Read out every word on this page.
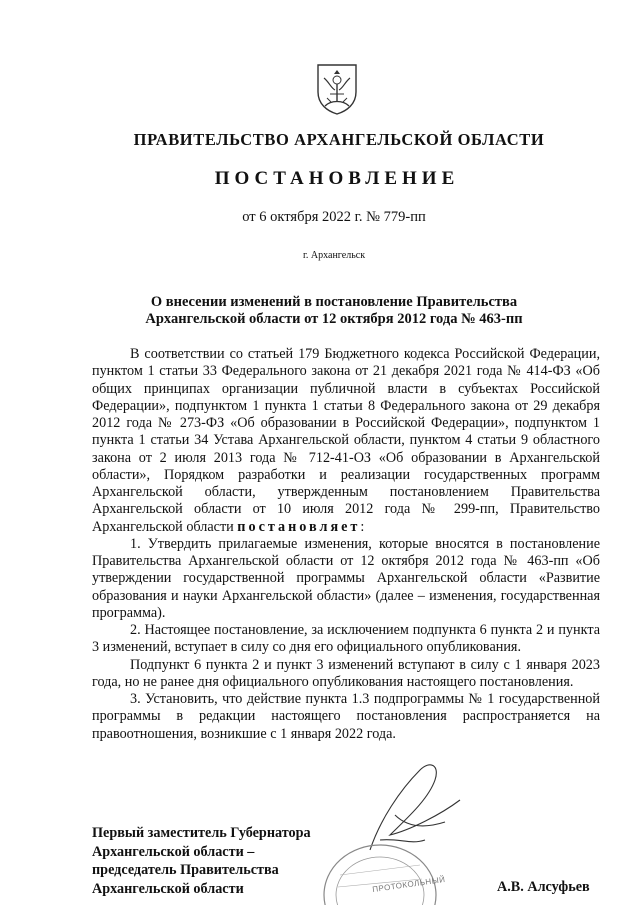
ПРАВИТЕЛЬСТВО АРХАНГЕЛЬСКОЙ ОБЛАСТИ
ПОСТАНОВЛЕНИЕ
от 6 октября 2022 г. № 779-пп
г. Архангельск
О внесении изменений в постановление Правительства
Архангельской области от 12 октября 2012 года № 463-пп

В соответствии со статьей 179 Бюджетного кодекса Российской Федерации, пунктом 1 статьи 33 Федерального закона от 21 декабря 2021 года № 414-ФЗ «Об общих принципах организации публичной власти в субъектах Российской Федерации», подпунктом 1 пункта 1 статьи 8 Федерального закона от 29 декабря 2012 года № 273-ФЗ «Об образовании в Российской Федерации», подпунктом 1 пункта 1 статьи 34 Устава Архангельской области, пунктом 4 статьи 9 областного закона от 2 июля 2013 года № 712-41-ОЗ «Об образовании в Архангельской области», Порядком разработки и реализации государственных программ Архангельской области, утвержденным постановлением Правительства Архангельской области от 10 июля 2012 года № 299-пп, Правительство Архангельской области постановляет:

1. Утвердить прилагаемые изменения, которые вносятся в постановление Правительства Архангельской области от 12 октября 2012 года № 463-пп «Об утверждении государственной программы Архангельской области «Развитие образования и науки Архангельской области» (далее – изменения, государственная программа).

2. Настоящее постановление, за исключением подпункта 6 пункта 2 и пункта 3 изменений, вступает в силу со дня его официального опубликования.

Подпункт 6 пункта 2 и пункт 3 изменений вступают в силу с 1 января 2023 года, но не ранее дня официального опубликования настоящего постановления.

3. Установить, что действие пункта 1.3 подпрограммы № 1 государственной программы в редакции настоящего постановления распространяется на правоотношения, возникшие с 1 января 2022 года.

ПРОТОКОЛЬНЫЙ
Первый заместитель Губернатора
Архангельской области –
председатель Правительства
Архангельской области	А.В. Алсуфьев
